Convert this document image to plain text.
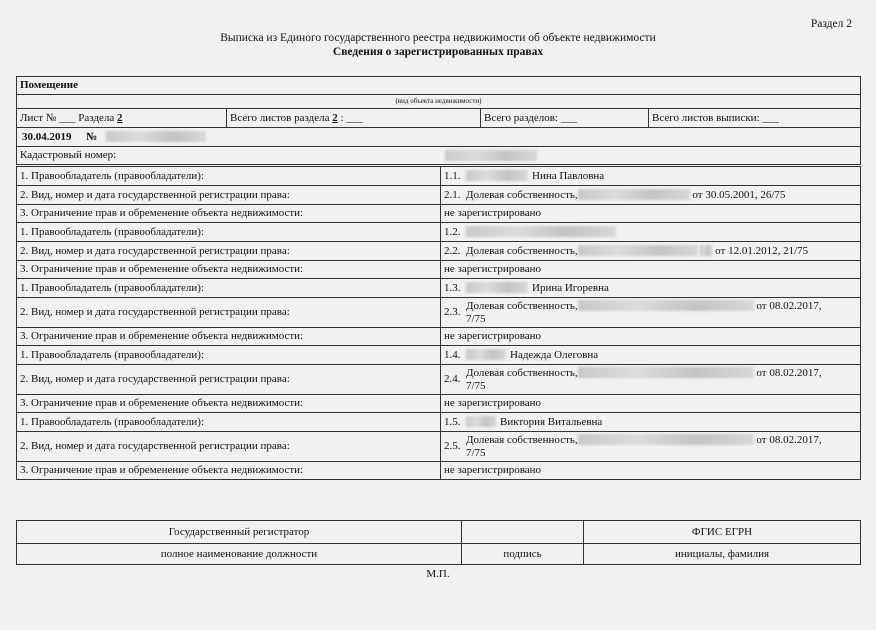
Раздел 2
Выписка из Единого государственного реестра недвижимости об объекте недвижимости
Сведения о зарегистрированных правах
Помещение
(вид объекта недвижимости)
Лист № ___ Раздела 2	Всего листов раздела 2 : ___	Всего разделов: ___	Всего листов выписки: ___
30.04.2019 №
Кадастровый номер:
1. Правообладатель (правообладатели):	1.1. Нина Павловна
2. Вид, номер и дата государственной регистрации права:	2.1. Долевая собственность, от 30.05.2001, 26/75
3. Ограничение прав и обременение объекта недвижимости:	не зарегистрировано
1. Правообладатель (правообладатели):	1.2.
2. Вид, номер и дата государственной регистрации права:	2.2. Долевая собственность, от 12.01.2012, 21/75
3. Ограничение прав и обременение объекта недвижимости:	не зарегистрировано
1. Правообладатель (правообладатели):	1.3. Ирина Игоревна
2. Вид, номер и дата государственной регистрации права:	2.3.
Долевая собственность, от 08.02.2017,
7/75

3. Ограничение прав и обременение объекта недвижимости:	не зарегистрировано
1. Правообладатель (правообладатели):	1.4. Надежда Олеговна
2. Вид, номер и дата государственной регистрации права:	2.4.
Долевая собственность, от 08.02.2017,
7/75

3. Ограничение прав и обременение объекта недвижимости:	не зарегистрировано
1. Правообладатель (правообладатели):	1.5. Виктория Витальевна
2. Вид, номер и дата государственной регистрации права:	2.5.
Долевая собственность, от 08.02.2017,
7/75

3. Ограничение прав и обременение объекта недвижимости:	не зарегистрировано
Государственный регистратор		ФГИС ЕГРН
полное наименование должности	подпись	инициалы, фамилия
М.П.
